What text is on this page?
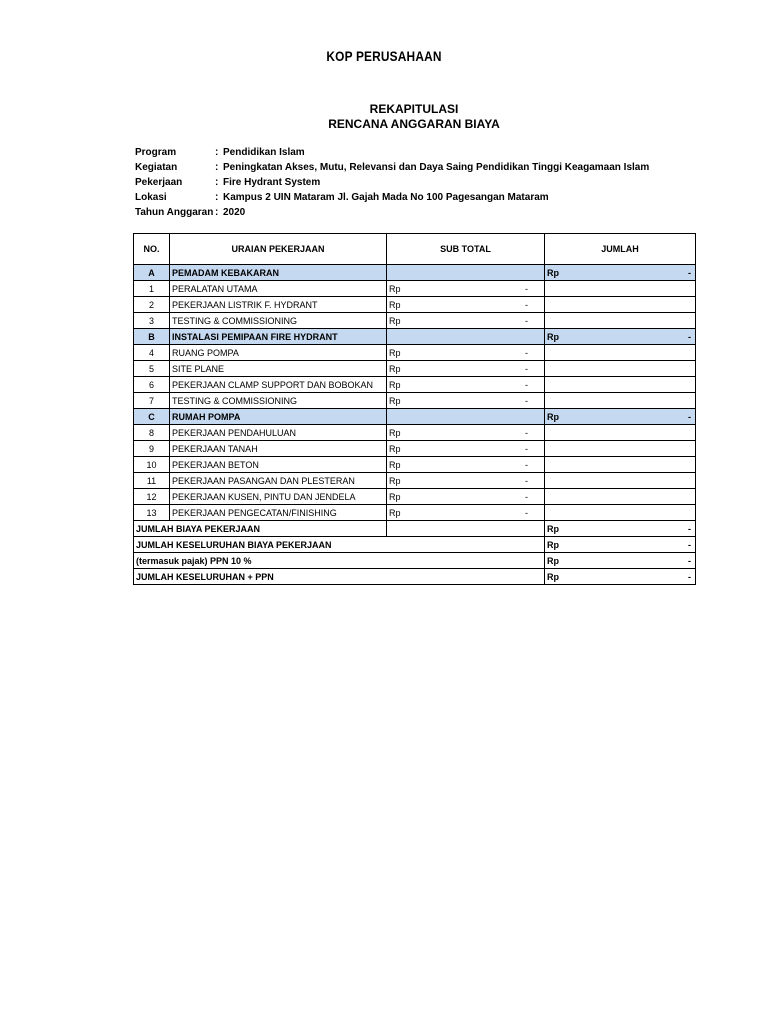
KOP PERUSAHAAN
REKAPITULASI
RENCANA ANGGARAN BIAYA
Program	: Pendidikan Islam
Kegiatan	: Peningkatan Akses, Mutu, Relevansi dan Daya Saing Pendidikan Tinggi Keagamaan Islam
Pekerjaan	: Fire Hydrant System
Lokasi	: Kampus 2 UIN Mataram Jl. Gajah Mada No 100 Pagesangan Mataram
Tahun Anggaran : 2020
NO.	URAIAN PEKERJAAN	SUB TOTAL	JUMLAH
A	PEMADAM KEBAKARAN		Rp -

1	PERALATAN UTAMA	Rp -	

2	PEKERJAAN LISTRIK F. HYDRANT	Rp -	

3	TESTING & COMMISSIONING	Rp -	

B	INSTALASI PEMIPAAN FIRE HYDRANT		Rp -

4	RUANG POMPA	Rp -	

5	SITE PLANE	Rp -	

6	PEKERJAAN CLAMP SUPPORT DAN BOBOKAN	Rp -	

7	TESTING & COMMISSIONING	Rp -	

C	RUMAH POMPA		Rp -

8	PEKERJAAN PENDAHULUAN	Rp -	

9	PEKERJAAN TANAH	Rp -	

10	PEKERJAAN BETON	Rp -	

11	PEKERJAAN PASANGAN DAN PLESTERAN	Rp -	

12	PEKERJAAN KUSEN, PINTU DAN JENDELA	Rp -	

13	PEKERJAAN PENGECATAN/FINISHING	Rp -	

JUMLAH BIAYA PEKERJAAN			Rp -

JUMLAH KESELURUHAN BIAYA PEKERJAAN			Rp -

(termasuk pajak) PPN 10 %			Rp -

JUMLAH KESELURUHAN + PPN			Rp -
